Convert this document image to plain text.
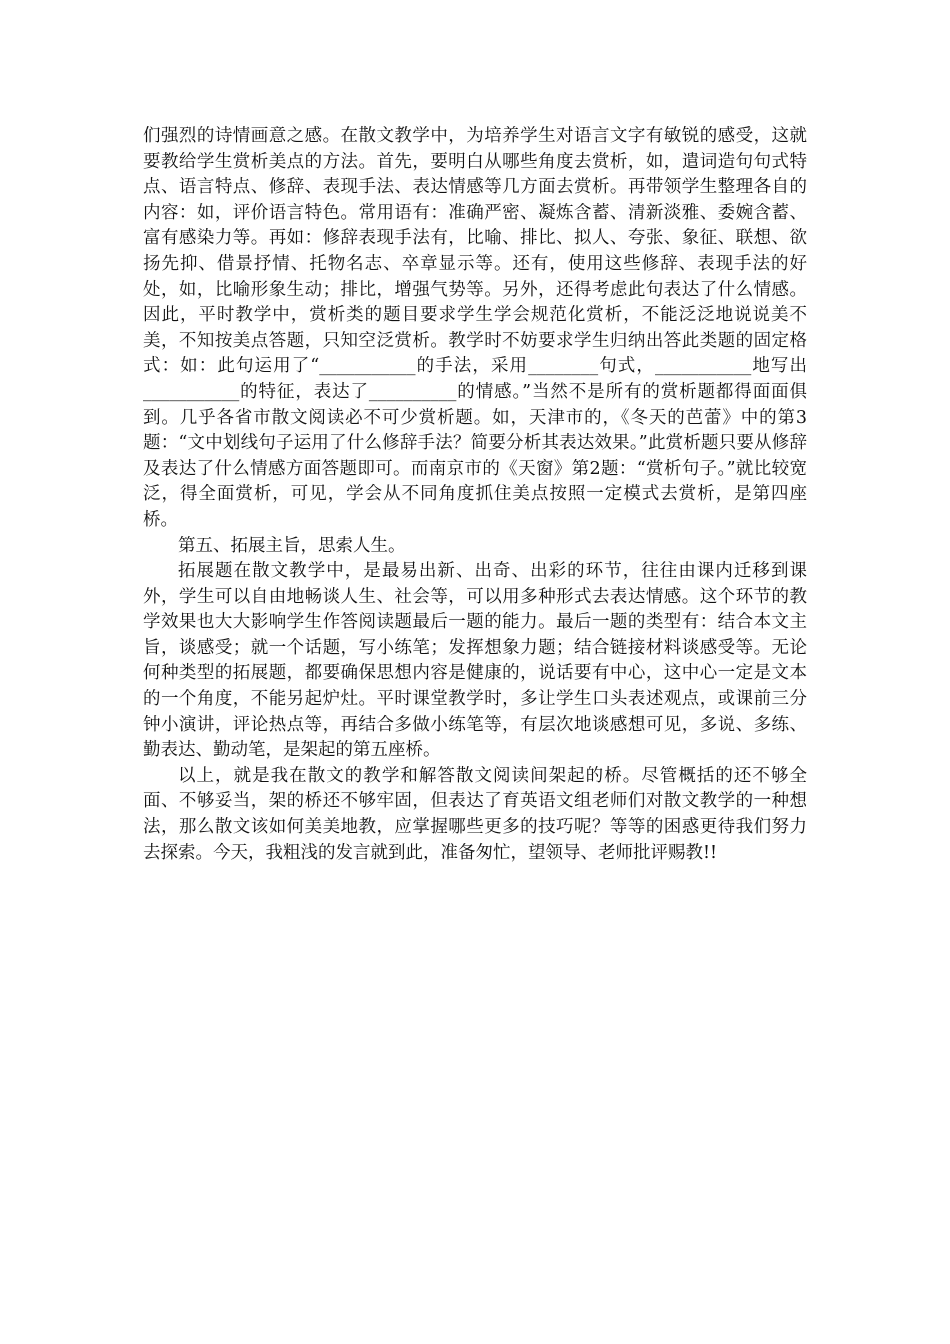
们强烈的诗情画意之感。在散文教学中，为培养学生对语言文字有敏锐的感受，这就要教给学生赏析美点的方法。首先，要明白从哪些角度去赏析，如，遣词造句句式特点、语言特点、修辞、表现手法、表达情感等几方面去赏析。再带领学生整理各自的内容：如，评价语言特色。常用语有：准确严密、凝炼含蓄、清新淡雅、委婉含蓄、富有感染力等。再如：修辞表现手法有，比喻、排比、拟人、夸张、象征、联想、欲扬先抑、借景抒情、托物名志、卒章显示等。还有，使用这些修辞、表现手法的好处，如，比喻形象生动；排比，增强气势等。另外，还得考虑此句表达了什么情感。因此，平时教学中，赏析类的题目要求学生学会规范化赏析，不能泛泛地说说美不美，不知按美点答题，只知空泛赏析。教学时不妨要求学生归纳出答此类题的固定格式：如：此句运用了“___________的手法，采用________句式，___________地写出___________的特征，表达了__________的情感。”当然不是所有的赏析题都得面面俱到。几乎各省市散文阅读必不可少赏析题。如，天津市的，《冬天的芭蕾》中的第3题：“文中划线句子运用了什么修辞手法？简要分析其表达效果。”此赏析题只要从修辞及表达了什么情感方面答题即可。而南京市的《天窗》第2题：“赏析句子。”就比较宽泛，得全面赏析，可见，学会从不同角度抓住美点按照一定模式去赏析，是第四座桥。

第五、拓展主旨，思索人生。

拓展题在散文教学中，是最易出新、出奇、出彩的环节，往往由课内迁移到课外，学生可以自由地畅谈人生、社会等，可以用多种形式去表达情感。这个环节的教学效果也大大影响学生作答阅读题最后一题的能力。最后一题的类型有：结合本文主旨，谈感受；就一个话题，写小练笔；发挥想象力题；结合链接材料谈感受等。无论何种类型的拓展题，都要确保思想内容是健康的，说话要有中心，这中心一定是文本的一个角度，不能另起炉灶。平时课堂教学时，多让学生口头表述观点，或课前三分钟小演讲，评论热点等，再结合多做小练笔等，有层次地谈感想可见，多说、多练、勤表达、勤动笔，是架起的第五座桥。

以上，就是我在散文的教学和解答散文阅读间架起的桥。尽管概括的还不够全面、不够妥当，架的桥还不够牢固，但表达了育英语文组老师们对散文教学的一种想法，那么散文该如何美美地教，应掌握哪些更多的技巧呢？等等的困惑更待我们努力去探索。今天，我粗浅的发言就到此，准备匆忙，望领导、老师批评赐教!!
